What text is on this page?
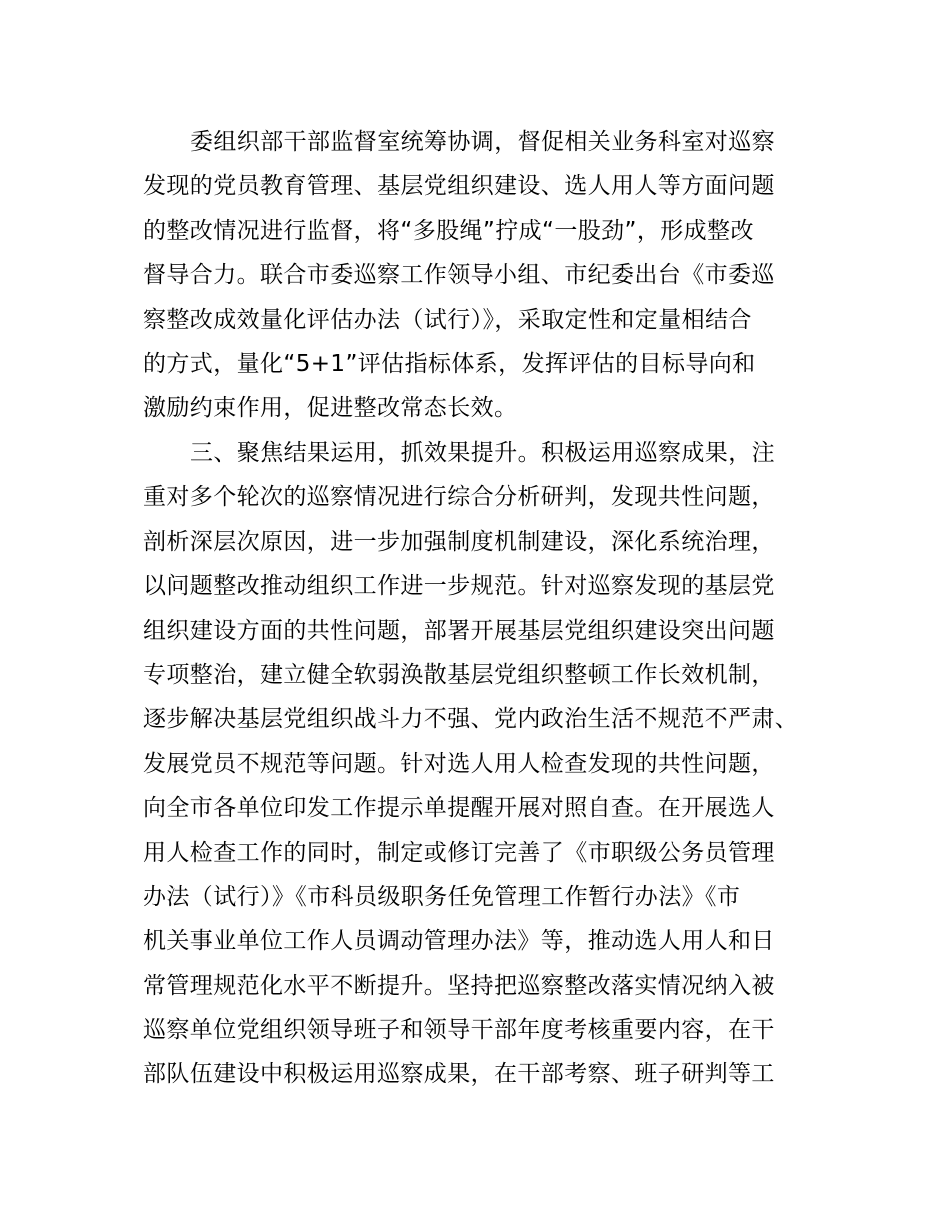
委组织部干部监督室统筹协调，督促相关业务科室对巡察
发现的党员教育管理、基层党组织建设、选人用人等方面问题
的整改情况进行监督，将“多股绳”拧成“一股劲”，形成整改
督导合力。联合市委巡察工作领导小组、市纪委出台《市委巡
察整改成效量化评估办法（试行）》，采取定性和定量相结合
的方式，量化“5+1”评估指标体系，发挥评估的目标导向和
激励约束作用，促进整改常态长效。
三、聚焦结果运用，抓效果提升。积极运用巡察成果，注
重对多个轮次的巡察情况进行综合分析研判，发现共性问题，
剖析深层次原因，进一步加强制度机制建设，深化系统治理，
以问题整改推动组织工作进一步规范。针对巡察发现的基层党
组织建设方面的共性问题，部署开展基层党组织建设突出问题
专项整治，建立健全软弱涣散基层党组织整顿工作长效机制，
逐步解决基层党组织战斗力不强、党内政治生活不规范不严肃、
发展党员不规范等问题。针对选人用人检查发现的共性问题，
向全市各单位印发工作提示单提醒开展对照自查。在开展选人
用人检查工作的同时，制定或修订完善了《市职级公务员管理
办法（试行）》《市科员级职务任免管理工作暂行办法》《市
机关事业单位工作人员调动管理办法》等，推动选人用人和日
常管理规范化水平不断提升。坚持把巡察整改落实情况纳入被
巡察单位党组织领导班子和领导干部年度考核重要内容，在干
部队伍建设中积极运用巡察成果，在干部考察、班子研判等工
